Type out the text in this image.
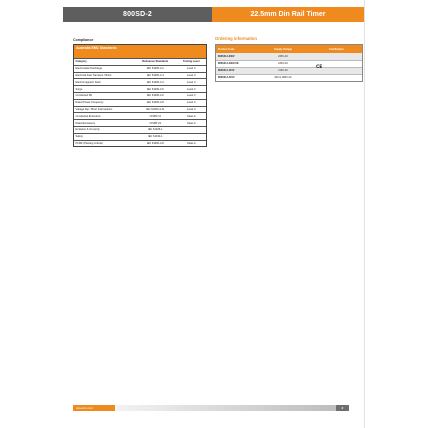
800SD-2	22.5mm Din Rail Timer
Compliance
Australia EMC Standards
Category	Reference Standards	Testing Level
Electrostatic Discharge	IEC 61000-4-2	Level 3
Electrical Fast Transient / Burst	IEC 61000-4-4	Level 3
Electromagnetic Field	IEC 61000-4-3	Level 3
Surge	IEC 61000-4-5	Level 3
Conducted RF	IEC 61000-4-6	Level 3
Rated Power Frequency	IEC 61000-4-8	Level 4
Voltage Dip / Short Interruptions	IEC 61000-4-11	Level 3
Conducted Emissions	CISPR 11	Class A
Rated Emissions	CISPR 22	Class A
Emission & Immunity	IEC 61326-1
Safety	IEC 61010-1
PFMF (Passing criteria)	IEC 61000-4-8	Class A
Ordering information
Product Code	Supply Voltage	Certification
800SD-2-230V	230V AC
800SD-2-230V-CE	230V AC
800SD-2-110V	110V AC
800SD-2-415V	200 to 480V AC
CE
www.ebm.com	2
